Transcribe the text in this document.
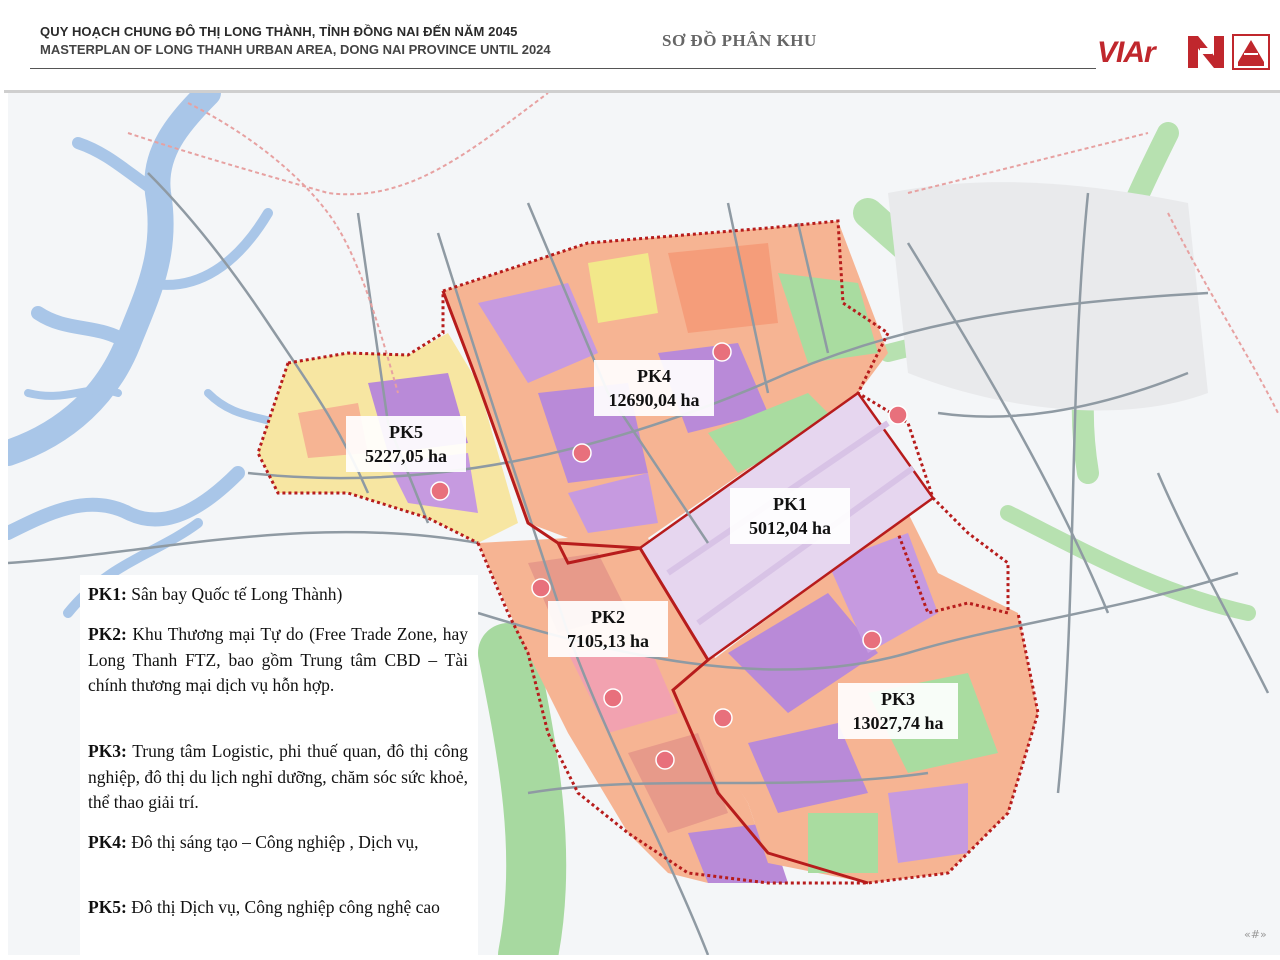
QUY HOẠCH CHUNG ĐÔ THỊ LONG THÀNH, TỈNH ĐỒNG NAI ĐẾN NĂM 2045
MASTERPLAN OF LONG THANH URBAN AREA, DONG NAI PROVINCE UNTIL 2024	SƠ ĐỒ PHÂN KHU	VIAr
PK1
5012,04 ha
PK2
7105,13 ha
PK3
13027,74 ha
PK4
12690,04 ha
PK5
5227,05 ha
PK1: Sân bay Quốc tế Long Thành)
PK2: Khu Thương mại Tự do (Free Trade Zone, hay Long Thanh FTZ, bao gồm Trung tâm CBD – Tài chính thương mại dịch vụ hỗn hợp.
PK3: Trung tâm Logistic, phi thuế quan, đô thị công nghiệp, đô thị du lịch nghỉ dưỡng, chăm sóc sức khoẻ, thể thao giải trí.
PK4: Đô thị sáng tạo – Công nghiệp , Dịch vụ,
PK5: Đô thị Dịch vụ, Công nghiệp công nghệ cao
«#»
